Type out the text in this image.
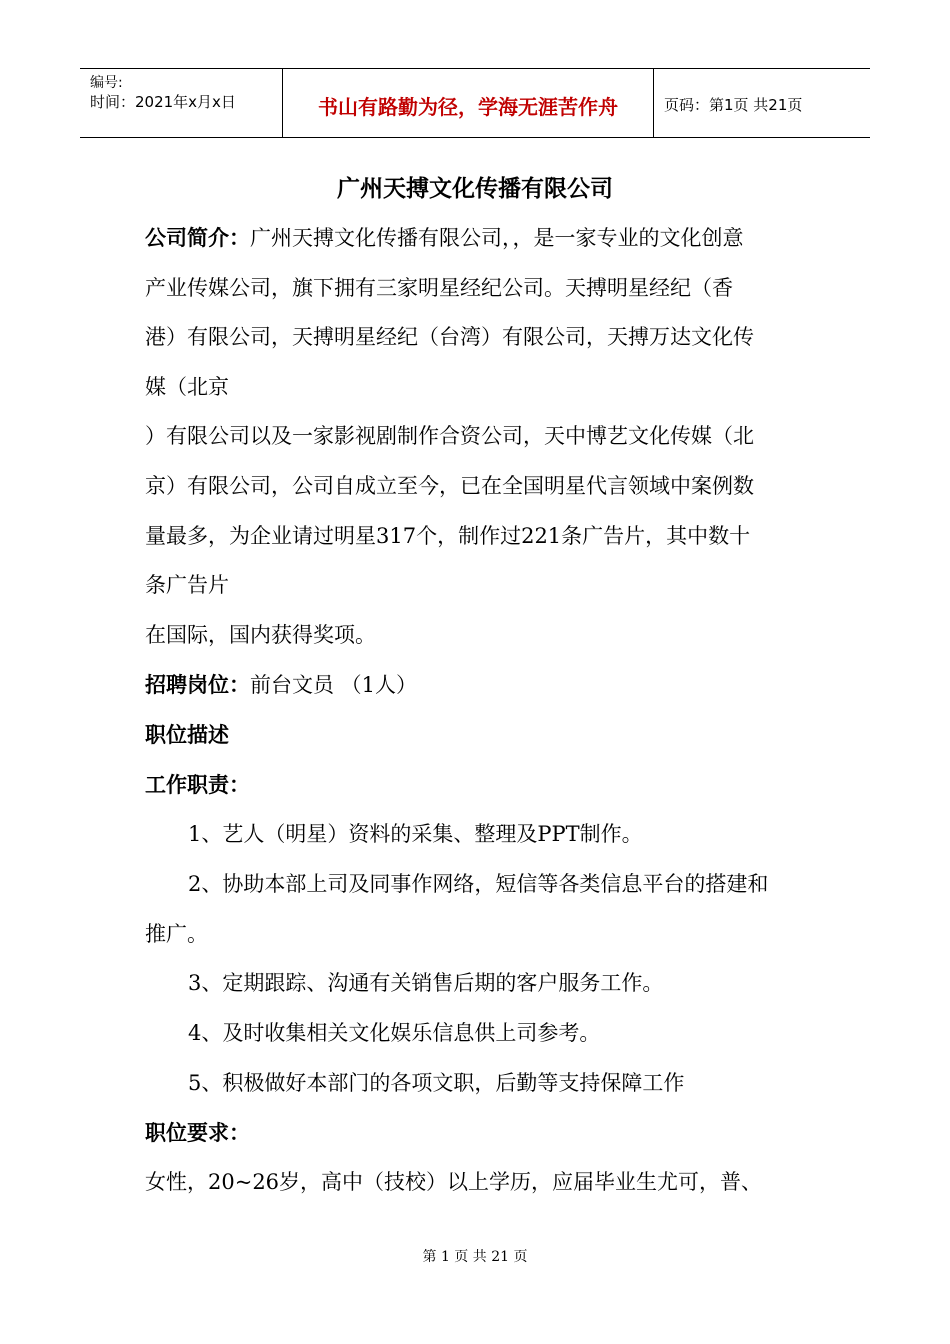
编号:
时间：2021年x月x日	书山有路勤为径，学海无涯苦作舟	页码：第1页 共21页
广州天搏文化传播有限公司
公司简介：广州天搏文化传播有限公司，，是一家专业的文化创意
产业传媒公司，旗下拥有三家明星经纪公司。天搏明星经纪（香
港）有限公司，天搏明星经纪（台湾）有限公司，天搏万达文化传
媒（北京
）有限公司以及一家影视剧制作合资公司，天中博艺文化传媒（北
京）有限公司，公司自成立至今，已在全国明星代言领域中案例数
量最多，为企业请过明星317个，制作过221条广告片，其中数十
条广告片
在国际，国内获得奖项。
招聘岗位：前台文员 （1人）
职位描述
工作职责：
1、艺人（明星）资料的采集、整理及PPT制作。
2、协助本部上司及同事作网络，短信等各类信息平台的搭建和
推广。
3、定期跟踪、沟通有关销售后期的客户服务工作。
4、及时收集相关文化娱乐信息供上司参考。
5、积极做好本部门的各项文职，后勤等支持保障工作
职位要求：
女性，20~26岁，高中（技校）以上学历，应届毕业生尤可，普、
第 1 页 共 21 页
